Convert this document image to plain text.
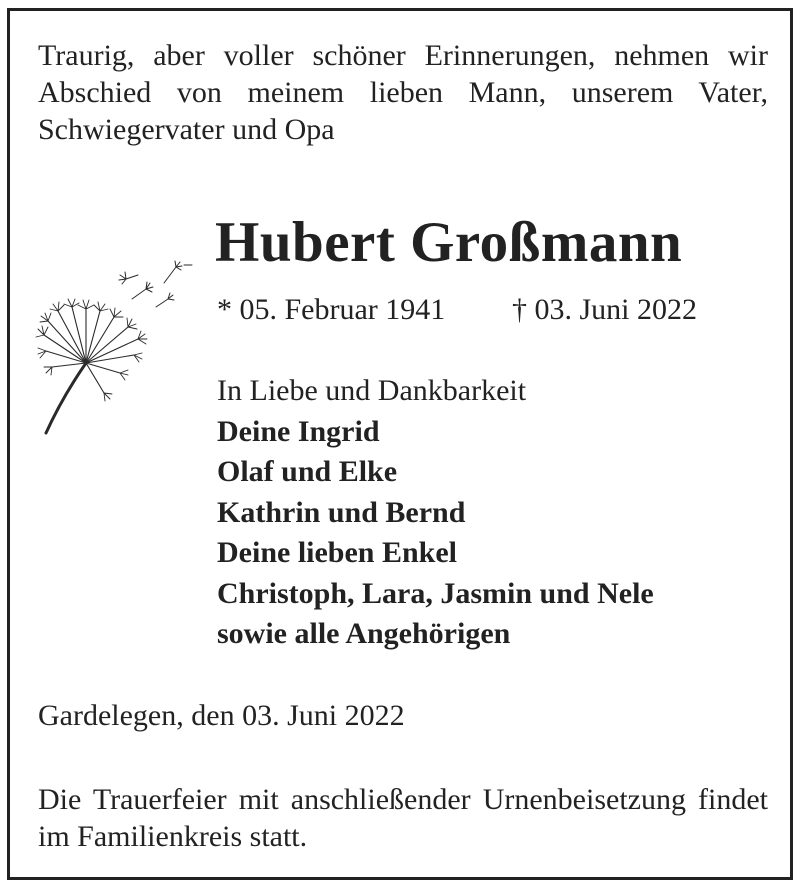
Traurig, aber voller schöner Erinnerungen, nehmen wir Abschied von meinem lieben Mann, unserem Vater, Schwiegervater und Opa

Hubert Großmann
* 05. Februar 1941 † 03. Juni 2022
In Liebe und Dankbarkeit
Deine Ingrid
Olaf und Elke
Kathrin und Bernd
Deine lieben Enkel
Christoph, Lara, Jasmin und Nele
sowie alle Angehörigen
Gardelegen, den 03. Juni 2022

Die Trauerfeier mit anschließender Urnenbeisetzung findet im Familienkreis statt.
